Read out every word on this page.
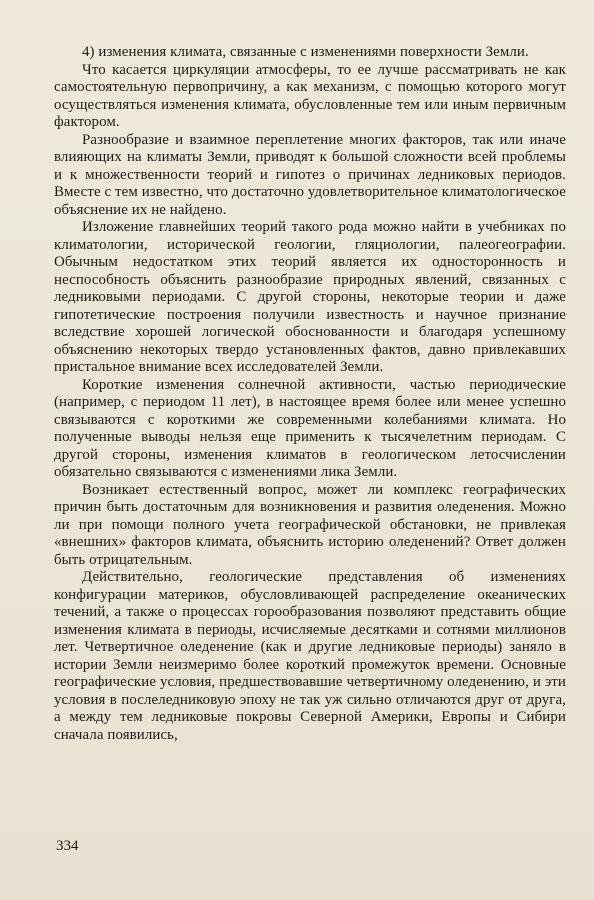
4) изменения климата, связанные с изменениями поверхности Земли.

Что касается циркуляции атмосферы, то ее лучше рассматривать не как самостоятельную первопричину, а как механизм, с помощью которого могут осуществляться изменения климата, обусловленные тем или иным первичным фактором.

Разнообразие и взаимное переплетение многих факторов, так или иначе влияющих на климаты Земли, приводят к большой сложности всей проблемы и к множественности теорий и гипотез о причинах ледниковых периодов. Вместе с тем известно, что достаточно удовлетворительное климатологическое объяснение их не найдено.

Изложение главнейших теорий такого рода можно найти в учебниках по климатологии, исторической геологии, гляциологии, палеогеографии. Обычным недостатком этих теорий является их односторонность и неспособность объяснить разнообразие природных явлений, связанных с ледниковыми периодами. С другой стороны, некоторые теории и даже гипотетические построения получили известность и научное признание вследствие хорошей логической обоснованности и благодаря успешному объяснению некоторых твердо установленных фактов, давно привлекавших пристальное внимание всех исследователей Земли.

Короткие изменения солнечной активности, частью периодические (например, с периодом 11 лет), в настоящее время более или менее успешно связываются с короткими же современными колебаниями климата. Но полученные выводы нельзя еще применить к тысячелетним периодам. С другой стороны, изменения климатов в геологическом летосчислении обязательно связываются с изменениями лика Земли.

Возникает естественный вопрос, может ли комплекс географических причин быть достаточным для возникновения и развития оледенения. Можно ли при помощи полного учета географической обстановки, не привлекая «внешних» факторов климата, объяснить историю оледенений? Ответ должен быть отрицательным.

Действительно, геологические представления об изменениях конфигурации материков, обусловливающей распределение океанических течений, а также о процессах горообразования позволяют представить общие изменения климата в периоды, исчисляемые десятками и сотнями миллионов лет. Четвертичное оледенение (как и другие ледниковые периоды) заняло в истории Земли неизмеримо более короткий промежуток времени. Основные географические условия, предшествовавшие четвертичному оледенению, и эти условия в послеледниковую эпоху не так уж сильно отличаются друг от друга, а между тем ледниковые покровы Северной Америки, Европы и Сибири сначала появились,

334
